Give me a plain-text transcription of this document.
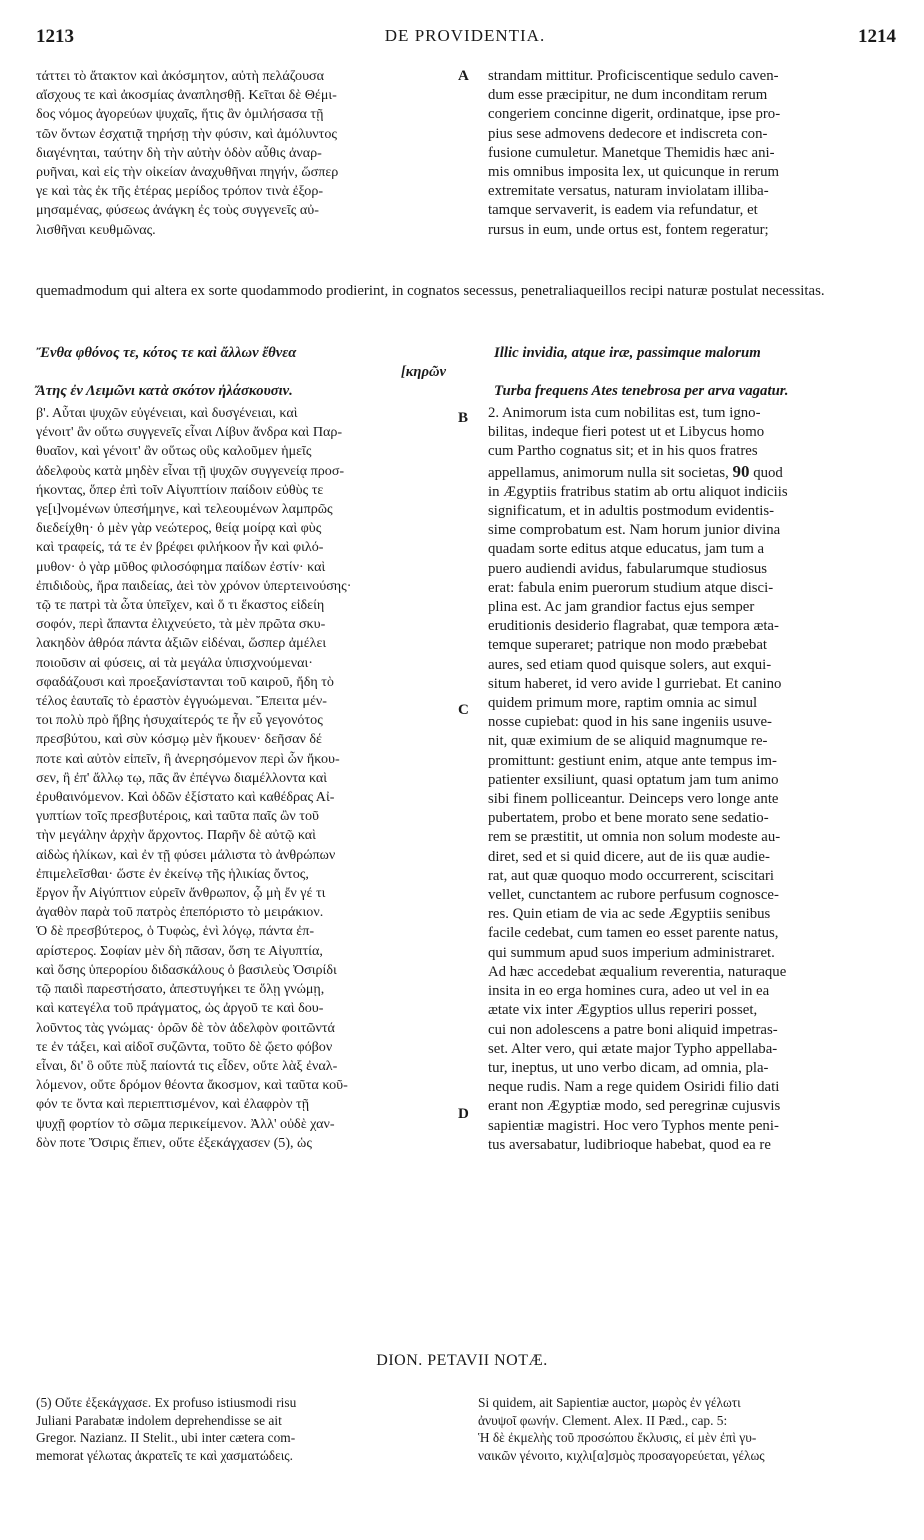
1213	DE PROVIDENTIA.	1214
τάττει τὸ ἄτακτον καὶ ἀκόσμητον, αὐτὴ πελάζουσα
αἴσχους τε καὶ ἀκοσμίας ἀναπλησθῇ. Κεῖται δὲ Θέμι-
δος νόμος ἀγορεύων ψυχαῖς, ἥτις ἂν ὁμιλήσασα τῇ
τῶν ὄντων ἐσχατιᾷ τηρήσῃ τὴν φύσιν, καὶ ἀμόλυντος
διαγένηται, ταύτην δὴ τὴν αὐτὴν ὁδὸν αὖθις ἀναρ-
ρυῆναι, καὶ εἰς τὴν οἰκείαν ἀναχυθῆναι πηγήν, ὥσπερ
γε καὶ τὰς ἐκ τῆς ἑτέρας μερίδος τρόπον τινὰ ἐξορ-
μησαμένας, φύσεως ἀνάγκη ἐς τοὺς συγγενεῖς αὐ-
λισθῆναι κευθμῶνας.
strandam mittitur. Proficiscentique sedulo caven-
dum esse præcipitur, ne dum inconditam rerum
congeriem concinne digerit, ordinatque, ipse pro-
pius sese admovens dedecore et indiscreta con-
fusione cumuletur. Manetque Themidis hæc ani-
mis omnibus imposita lex, ut quicunque in rerum
extremitate versatus, naturam inviolatam illiba-
tamque servaverit, is eadem via refundatur, et
rursus in eum, unde ortus est, fontem regeratur;
quemadmodum qui altera ex sorte quodammodo prodierint, in cognatos secessus, penetraliaqueillos recipi naturæ postulat necessitas.
Ἔνθα φθόνος τε, κότος τε καὶ ἄλλων ἔθνεα
[κηρῶν
Ἄτης ἐν Λειμῶνι κατὰ σκότον ἠλάσκουσιν.
Illic invidia, atque iræ, passimque malorum

Turba frequens Ates tenebrosa per arva vagatur.
β'. Αὗται ψυχῶν εὐγένειαι, καὶ δυσγένειαι, καὶ
γένοιτ' ἂν οὕτω συγγενεῖς εἶναι Λίβυν ἄνδρα καὶ Παρ-
θυαῖον, καὶ γένοιτ' ἂν οὕτως οὓς καλοῦμεν ἡμεῖς
ἀδελφοὺς κατὰ μηδὲν εἶναι τῇ ψυχῶν συγγενείᾳ προσ-
ήκοντας, ὅπερ ἐπὶ τοῖν Αἰγυπτίοιν παίδοιν εὐθὺς τε
γε[ι]νομένων ὑπεσήμηνε, καὶ τελεουμένων λαμπρῶς
διεδείχθη· ὁ μὲν γὰρ νεώτερος, θείᾳ μοίρᾳ καὶ φὺς
καὶ τραφείς, τά τε ἐν βρέφει φιλήκοον ἦν καὶ φιλό-
μυθον· ὁ γὰρ μῦθος φιλοσόφημα παίδων ἐστίν· καὶ
ἐπιδιδοὺς, ἤρα παιδείας, ἀεὶ τὸν χρόνον ὑπερτεινούσης·
τῷ τε πατρὶ τὰ ὦτα ὑπεῖχεν, καὶ ὅ τι ἕκαστος εἰδείη
σοφόν, περὶ ἅπαντα ἐλιχνεύετο, τὰ μὲν πρῶτα σκυ-
λακηδὸν ἀθρόα πάντα ἀξιῶν εἰδέναι, ὥσπερ ἀμέλει
ποιοῦσιν αἱ φύσεις, αἱ τὰ μεγάλα ὑπισχνούμεναι·
σφαδάζουσι καὶ προεξανίστανται τοῦ καιροῦ, ἤδη τὸ
τέλος ἑαυταῖς τὸ ἐραστὸν ἐγγυώμεναι. Ἔπειτα μέν-
τοι πολὺ πρὸ ἥβης ἡσυχαίτερός τε ἦν εὖ γεγονότος
πρεσβύτου, καὶ σὺν κόσμῳ μὲν ἤκουεν· δεῆσαν δέ
ποτε καὶ αὐτὸν εἰπεῖν, ἢ ἀνερησόμενον περὶ ὧν ἤκου-
σεν, ἢ ἐπ' ἄλλῳ τῳ, πᾶς ἂν ἐπέγνω διαμέλλοντα καὶ
ἐρυθαινόμενον. Καὶ ὁδῶν ἐξίστατο καὶ καθέδρας Αἰ-
γυπτίων τοῖς πρεσβυτέροις, καὶ ταῦτα παῖς ὢν τοῦ
τὴν μεγάλην ἀρχὴν ἄρχοντος. Παρῆν δὲ αὐτῷ καὶ
αἰδὼς ἡλίκων, καὶ ἐν τῇ φύσει μάλιστα τὸ ἀνθρώπων
ἐπιμελεῖσθαι· ὥστε ἐν ἐκείνῳ τῆς ἡλικίας ὄντος,
ἔργον ἦν Αἰγύπτιον εὑρεῖν ἄνθρωπον, ᾧ μὴ ἔν γέ τι
ἀγαθὸν παρὰ τοῦ πατρὸς ἐπεπόριστο τὸ μειράκιον.
Ὁ δὲ πρεσβύτερος, ὁ Τυφὼς, ἑνὶ λόγῳ, πάντα ἐπ-
αρίστερος. Σοφίαν μὲν δὴ πᾶσαν, ὅση τε Αἰγυπτία,
καὶ ὅσης ὑπερορίου διδασκάλους ὁ βασιλεὺς Ὀσιρίδι
τῷ παιδὶ παρεστήσατο, ἀπεστυγήκει τε ὅλῃ γνώμῃ,
καὶ κατεγέλα τοῦ πράγματος, ὡς ἀργοῦ τε καὶ δου-
λοῦντος τὰς γνώμας· ὁρῶν δὲ τὸν ἀδελφὸν φοιτῶντά
τε ἐν τάξει, καὶ αἰδοῖ συζῶντα, τοῦτο δὲ ᾤετο φόβον
εἶναι, δι' ὃ οὔτε πὺξ παίοντά τις εἶδεν, οὔτε λὰξ ἐναλ-
λόμενον, οὔτε δρόμον θέοντα ἄκοσμον, καὶ ταῦτα κοῦ-
φόν τε ὄντα καὶ περιεπτισμένον, καὶ ἐλαφρὸν τῇ
ψυχῇ φορτίον τὸ σῶμα περικείμενον. Ἀλλ' οὐδὲ χαν-
δὸν ποτε Ὄσιρις ἔπιεν, οὔτε ἐξεκάγχασεν (5), ὡς
2. Animorum ista cum nobilitas est, tum igno-
bilitas, indeque fieri potest ut et Libycus homo
cum Partho cognatus sit; et in his quos fratres
appellamus, animorum nulla sit societas, 90 quod
in Ægyptiis fratribus statim ab ortu aliquot indiciis
significatum, et in adultis postmodum evidentis-
sime comprobatum est. Nam horum junior divina
quadam sorte editus atque educatus, jam tum a
puero audiendi avidus, fabularumque studiosus
erat: fabula enim puerorum studium atque disci-
plina est. Ac jam grandior factus ejus semper
eruditionis desiderio flagrabat, quæ tempora æta-
temque superaret; patrique non modo præbebat
aures, sed etiam quod quisque solers, aut exqui-
situm haberet, id vero avide l gurriebat. Et canino
quidem primum more, raptim omnia ac simul
nosse cupiebat: quod in his sane ingeniis usuve-
nit, quæ eximium de se aliquid magnumque re-
promittunt: gestiunt enim, atque ante tempus im-
patienter exsiliunt, quasi optatum jam tum animo
sibi finem polliceantur. Deinceps vero longe ante
pubertatem, probo et bene morato sene sedatio-
rem se præstitit, ut omnia non solum modeste au-
diret, sed et si quid dicere, aut de iis quæ audie-
rat, aut quæ quoquo modo occurrerent, sciscitari
vellet, cunctantem ac rubore perfusum cognosce-
res. Quin etiam de via ac sede Ægyptiis senibus
facile cedebat, cum tamen eo esset parente natus,
qui summum apud suos imperium administraret.
Ad hæc accedebat æqualium reverentia, naturaque
insita in eo erga homines cura, adeo ut vel in ea
ætate vix inter Ægyptios ullus reperiri posset,
cui non adolescens a patre boni aliquid impetras-
set. Alter vero, qui ætate major Typho appellaba-
tur, ineptus, ut uno verbo dicam, ad omnia, pla-
neque rudis. Nam a rege quidem Osiridi filio dati
erant non Ægyptiæ modo, sed peregrinæ cujusvis
sapientiæ magistri. Hoc vero Typhos mente peni-
tus aversabatur, ludibrioque habebat, quod ea re
A
B
C
D
DION. PETAVII NOTÆ.
(5) Οὔτε ἐξεκάγχασε. Ex profuso istiusmodi risu
Juliani Parabatæ indolem deprehendisse se ait
Gregor. Nazianz. II Stelit., ubi inter cætera com-
memorat γέλωτας ἀκρατεῖς τε καὶ χασματώδεις.
Si quidem, ait Sapientiæ auctor, μωρὸς ἐν γέλωτι
ἀνυψοῖ φωνήν. Clement. Alex. II Pæd., cap. 5:
Ἡ δὲ ἐκμελὴς τοῦ προσώπου ἔκλυσις, εἰ μὲν ἐπὶ γυ-
ναικῶν γένοιτο, κιχλι[α]σμὸς προσαγορεύεται, γέλως
